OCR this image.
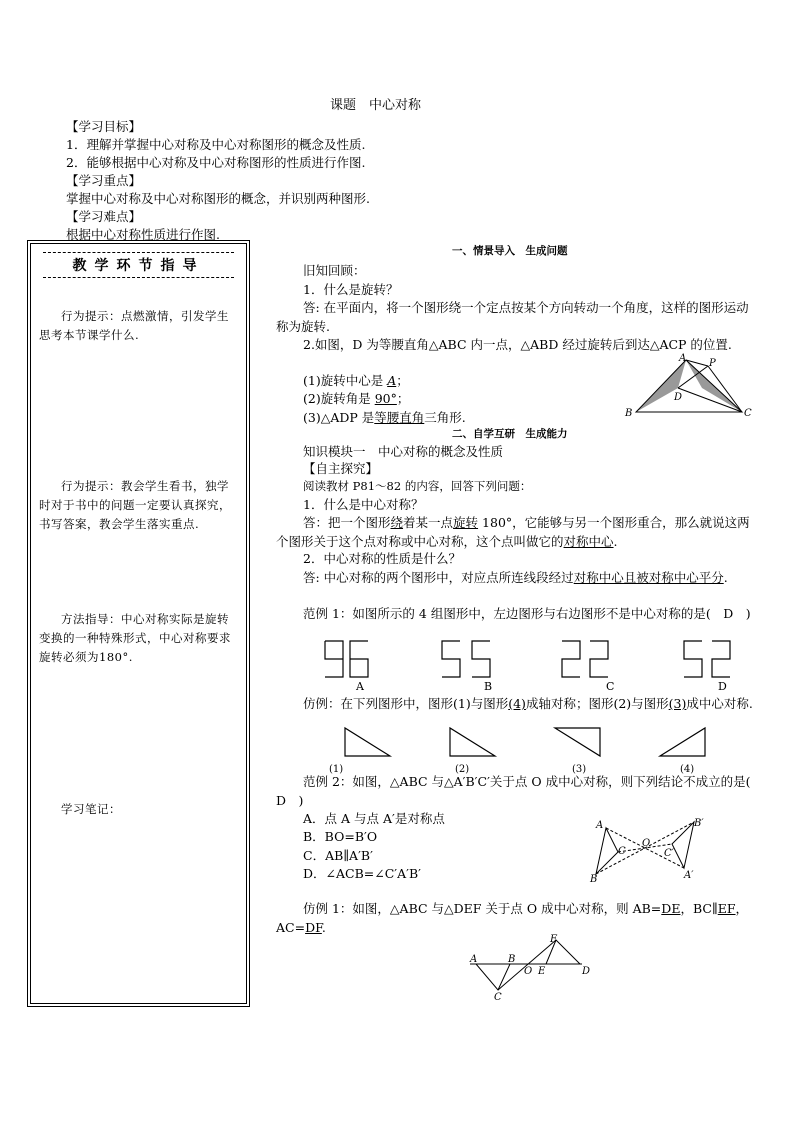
课题　中心对称
【学习目标】
1．理解并掌握中心对称及中心对称图形的概念及性质.
2．能够根据中心对称及中心对称图形的性质进行作图.
【学习重点】
掌握中心对称及中心对称图形的概念，并识别两种图形.
【学习难点】
根据中心对称性质进行作图.
教学环节指导
行为提示：点燃激情，引发学生思考本节课学什么.
行为提示：教会学生看书，独学时对于书中的问题一定要认真探究，书写答案，教会学生落实重点.
方法指导：中心对称实际是旋转变换的一种特殊形式，中心对称要求旋转必须为180°.
学习笔记：
一、情景导入　生成问题
旧知回顾：
1．什么是旋转？
答: 在平面内，将一个图形绕一个定点按某个方向转动一个角度，这样的图形运动称为旋转.
2.如图，D 为等腰直角△ABC 内一点，△ABD 经过旋转后到达△ACP 的位置.
(1)旋转中心是 A；
(2)旋转角是 90°；
(3)△ADP 是等腰直角三角形.
A P
D
B	C
二、自学互研　生成能力
知识模块一　中心对称的概念及性质
【自主探究】
阅读教材 P81～82 的内容，回答下列问题：
1．什么是中心对称？
答：把一个图形绕着某一点旋转 180°，它能够与另一个图形重合，那么就说这两个图形关于这个点对称或中心对称，这个点叫做它的对称中心.
2．中心对称的性质是什么？
答: 中心对称的两个图形中，对应点所连线段经过对称中心且被对称中心平分.
范例 1：如图所示的 4 组图形中，左边图形与右边图形不是中心对称的是(　D　)
A	B	C	D
仿例：在下列图形中，图形(1)与图形(4)成轴对称；图形(2)与图形(3)成中心对称.
(1)	(2)	(3)	(4)
范例 2：如图，△ABC 与△A′B′C′关于点 O 成中心对称，则下列结论不成立的是(　D　)
A．点 A 与点 A′是对称点
B．BO=B′O
C．AB∥A′B′
D．∠ACB=∠C′A′B′
A
B
C
O
C′
B′
A′
仿例 1：如图，△ABC 与△DEF 关于点 O 成中心对称，则 AB=DE，BC∥EF，AC=DF.
A	B
O E
F
C
D
